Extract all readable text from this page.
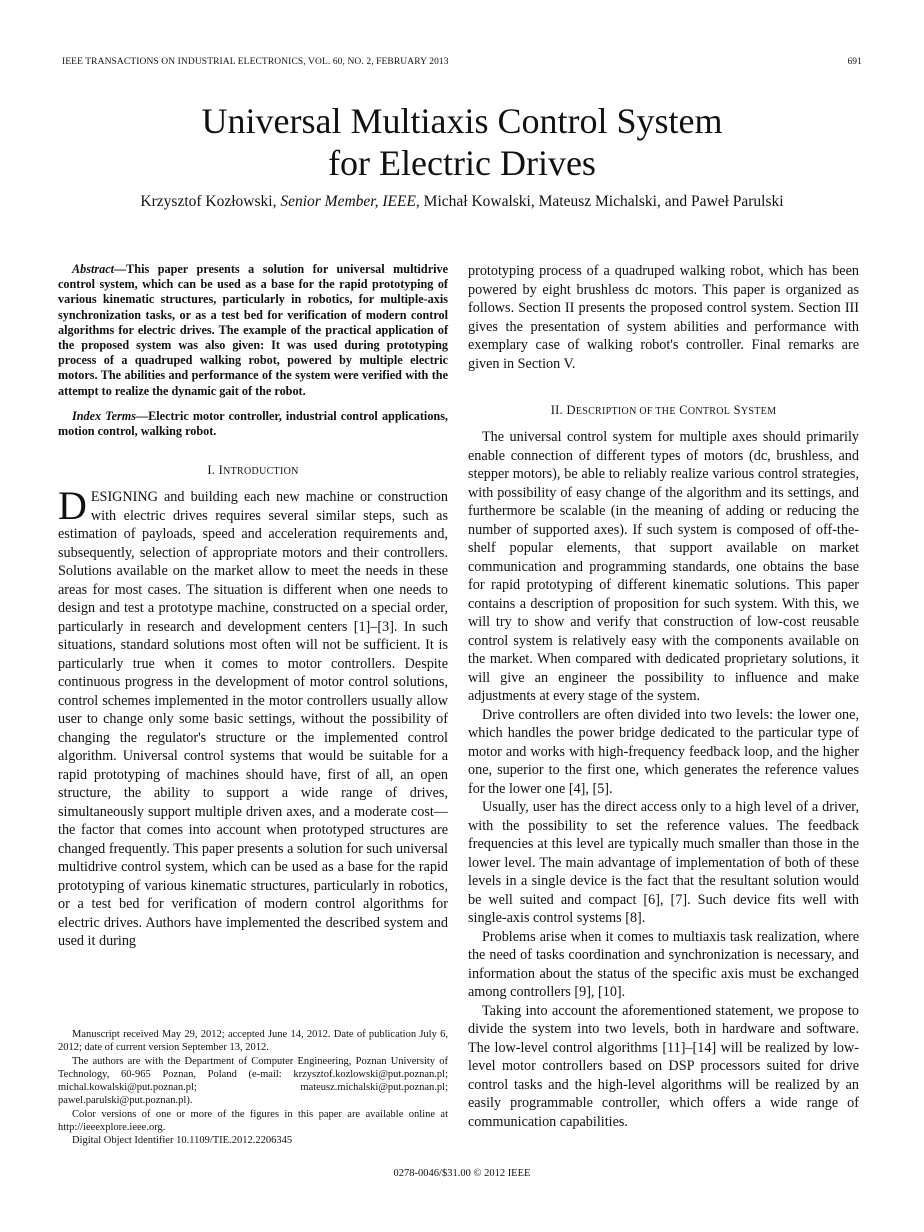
IEEE TRANSACTIONS ON INDUSTRIAL ELECTRONICS, VOL. 60, NO. 2, FEBRUARY 2013	691
Universal Multiaxis Control System
for Electric Drives
Krzysztof Kozłowski, Senior Member, IEEE, Michał Kowalski, Mateusz Michalski, and Paweł Parulski

Abstract—This paper presents a solution for universal multidrive control system, which can be used as a base for the rapid prototyping of various kinematic structures, particularly in robotics, for multiple-axis synchronization tasks, or as a test bed for verification of modern control algorithms for electric drives. The example of the practical application of the proposed system was also given: It was used during prototyping process of a quadruped walking robot, powered by multiple electric motors. The abilities and performance of the system were verified with the attempt to realize the dynamic gait of the robot.

Index Terms—Electric motor controller, industrial control applications, motion control, walking robot.

I. INTRODUCTION

DESIGNING and building each new machine or construction with electric drives requires several similar steps, such as estimation of payloads, speed and acceleration requirements and, subsequently, selection of appropriate motors and their controllers. Solutions available on the market allow to meet the needs in these areas for most cases. The situation is different when one needs to design and test a prototype machine, constructed on a special order, particularly in research and development centers [1]–[3]. In such situations, standard solutions most often will not be sufficient. It is particularly true when it comes to motor controllers. Despite continuous progress in the development of motor control solutions, control schemes implemented in the motor controllers usually allow user to change only some basic settings, without the possibility of changing the regulator's structure or the implemented control algorithm. Universal control systems that would be suitable for a rapid prototyping of machines should have, first of all, an open structure, the ability to support a wide range of drives, simultaneously support multiple driven axes, and a moderate cost—the factor that comes into account when prototyped structures are changed frequently. This paper presents a solution for such universal multidrive control system, which can be used as a base for the rapid prototyping of various kinematic structures, particularly in robotics, or a test bed for verification of modern control algorithms for electric drives. Authors have implemented the described system and used it during

Manuscript received May 29, 2012; accepted June 14, 2012. Date of publication July 6, 2012; date of current version September 13, 2012.

The authors are with the Department of Computer Engineering, Poznan University of Technology, 60-965 Poznan, Poland (e-mail: krzysztof.kozlowski@put.poznan.pl; michal.kowalski@put.poznan.pl; mateusz.michalski@put.poznan.pl; pawel.parulski@put.poznan.pl).

Color versions of one or more of the figures in this paper are available online at http://ieeexplore.ieee.org.

Digital Object Identifier 10.1109/TIE.2012.2206345

prototyping process of a quadruped walking robot, which has been powered by eight brushless dc motors. This paper is organized as follows. Section II presents the proposed control system. Section III gives the presentation of system abilities and performance with exemplary case of walking robot's controller. Final remarks are given in Section V.

II. DESCRIPTION OF THE CONTROL SYSTEM

The universal control system for multiple axes should primarily enable connection of different types of motors (dc, brushless, and stepper motors), be able to reliably realize various control strategies, with possibility of easy change of the algorithm and its settings, and furthermore be scalable (in the meaning of adding or reducing the number of supported axes). If such system is composed of off-the-shelf popular elements, that support available on market communication and programming standards, one obtains the base for rapid prototyping of different kinematic solutions. This paper contains a description of proposition for such system. With this, we will try to show and verify that construction of low-cost reusable control system is relatively easy with the components available on the market. When compared with dedicated proprietary solutions, it will give an engineer the possibility to influence and make adjustments at every stage of the system.

Drive controllers are often divided into two levels: the lower one, which handles the power bridge dedicated to the particular type of motor and works with high-frequency feedback loop, and the higher one, superior to the first one, which generates the reference values for the lower one [4], [5].

Usually, user has the direct access only to a high level of a driver, with the possibility to set the reference values. The feedback frequencies at this level are typically much smaller than those in the lower level. The main advantage of implementation of both of these levels in a single device is the fact that the resultant solution would be well suited and compact [6], [7]. Such device fits well with single-axis control systems [8].

Problems arise when it comes to multiaxis task realization, where the need of tasks coordination and synchronization is necessary, and information about the status of the specific axis must be exchanged among controllers [9], [10].

Taking into account the aforementioned statement, we propose to divide the system into two levels, both in hardware and software. The low-level control algorithms [11]–[14] will be realized by low-level motor controllers based on DSP processors suited for drive control tasks and the high-level algorithms will be realized by an easily programmable controller, which offers a wide range of communication capabilities.

0278-0046/$31.00 © 2012 IEEE
